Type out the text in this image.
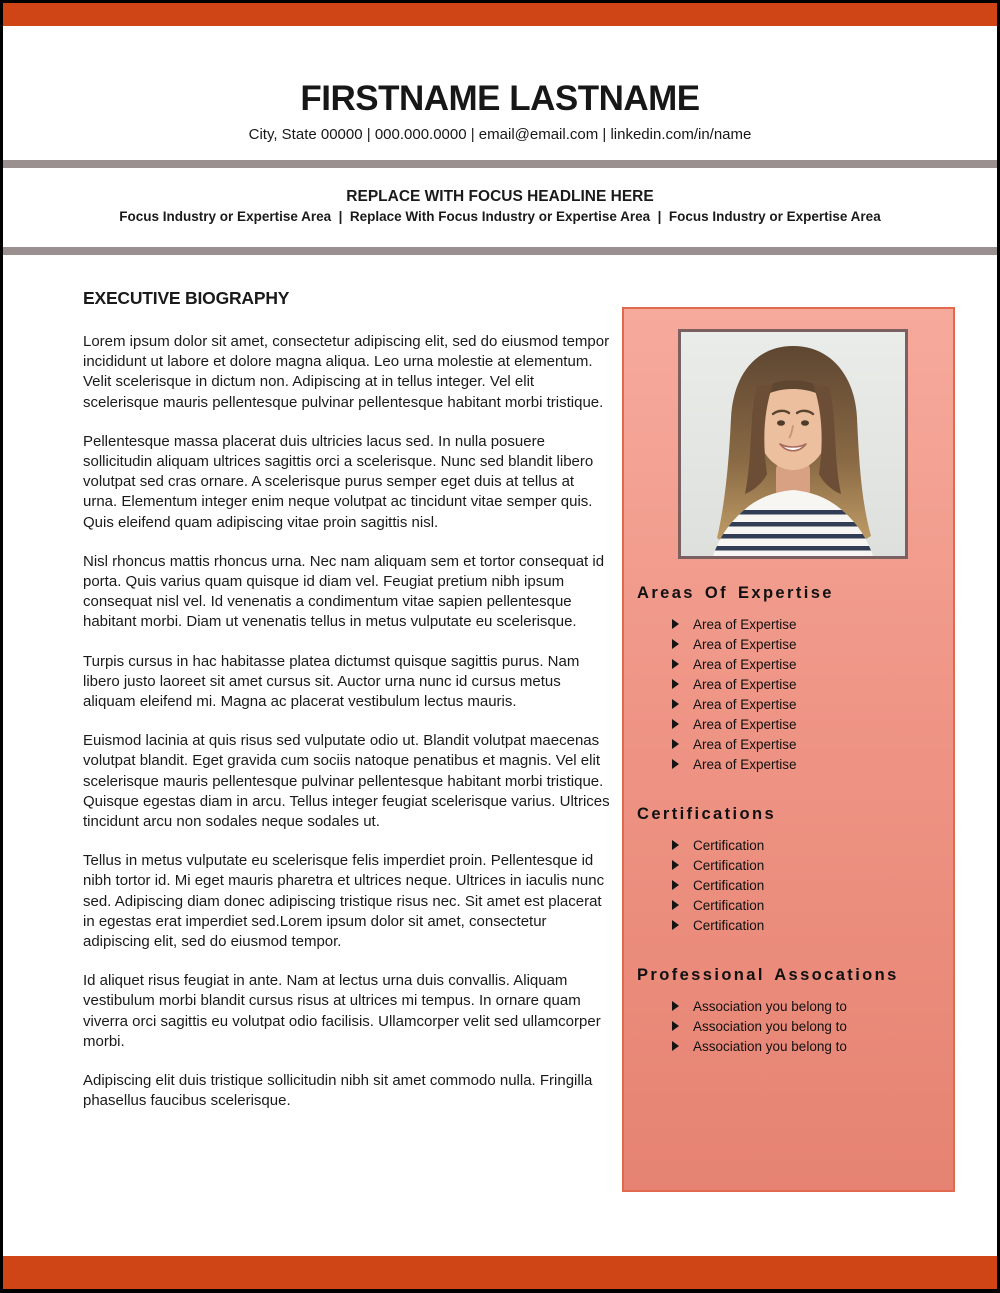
FIRSTNAME LASTNAME
City, State 00000 | 000.000.0000 | email@email.com | linkedin.com/in/name
REPLACE WITH FOCUS HEADLINE HERE
Focus Industry or Expertise Area  |  Replace With Focus Industry or Expertise Area  |  Focus Industry or Expertise Area
EXECUTIVE BIOGRAPHY

Lorem ipsum dolor sit amet, consectetur adipiscing elit, sed do eiusmod tempor incididunt ut labore et dolore magna aliqua. Leo urna molestie at elementum. Velit scelerisque in dictum non. Adipiscing at in tellus integer. Vel elit scelerisque mauris pellentesque pulvinar pellentesque habitant morbi tristique.

Pellentesque massa placerat duis ultricies lacus sed. In nulla posuere sollicitudin aliquam ultrices sagittis orci a scelerisque. Nunc sed blandit libero volutpat sed cras ornare. A scelerisque purus semper eget duis at tellus at urna. Elementum integer enim neque volutpat ac tincidunt vitae semper quis. Quis eleifend quam adipiscing vitae proin sagittis nisl.

Nisl rhoncus mattis rhoncus urna. Nec nam aliquam sem et tortor consequat id porta. Quis varius quam quisque id diam vel. Feugiat pretium nibh ipsum consequat nisl vel. Id venenatis a condimentum vitae sapien pellentesque habitant morbi. Diam ut venenatis tellus in metus vulputate eu scelerisque.

Turpis cursus in hac habitasse platea dictumst quisque sagittis purus. Nam libero justo laoreet sit amet cursus sit. Auctor urna nunc id cursus metus aliquam eleifend mi. Magna ac placerat vestibulum lectus mauris.

Euismod lacinia at quis risus sed vulputate odio ut. Blandit volutpat maecenas volutpat blandit. Eget gravida cum sociis natoque penatibus et magnis. Vel elit scelerisque mauris pellentesque pulvinar pellentesque habitant morbi tristique. Quisque egestas diam in arcu. Tellus integer feugiat scelerisque varius. Ultrices tincidunt arcu non sodales neque sodales ut.

Tellus in metus vulputate eu scelerisque felis imperdiet proin. Pellentesque id nibh tortor id. Mi eget mauris pharetra et ultrices neque. Ultrices in iaculis nunc sed. Adipiscing diam donec adipiscing tristique risus nec. Sit amet est placerat in egestas erat imperdiet sed.Lorem ipsum dolor sit amet, consectetur adipiscing elit, sed do eiusmod tempor.

Id aliquet risus feugiat in ante. Nam at lectus urna duis convallis. Aliquam vestibulum morbi blandit cursus risus at ultrices mi tempus. In ornare quam viverra orci sagittis eu volutpat odio facilisis. Ullamcorper velit sed ullamcorper morbi.

Adipiscing elit duis tristique sollicitudin nibh sit amet commodo nulla. Fringilla phasellus faucibus scelerisque.

Areas Of Expertise
Area of Expertise
Area of Expertise
Area of Expertise
Area of Expertise
Area of Expertise
Area of Expertise
Area of Expertise
Area of Expertise
Certifications
Certification
Certification
Certification
Certification
Certification
Professional Assocations
Association you belong to
Association you belong to
Association you belong to
